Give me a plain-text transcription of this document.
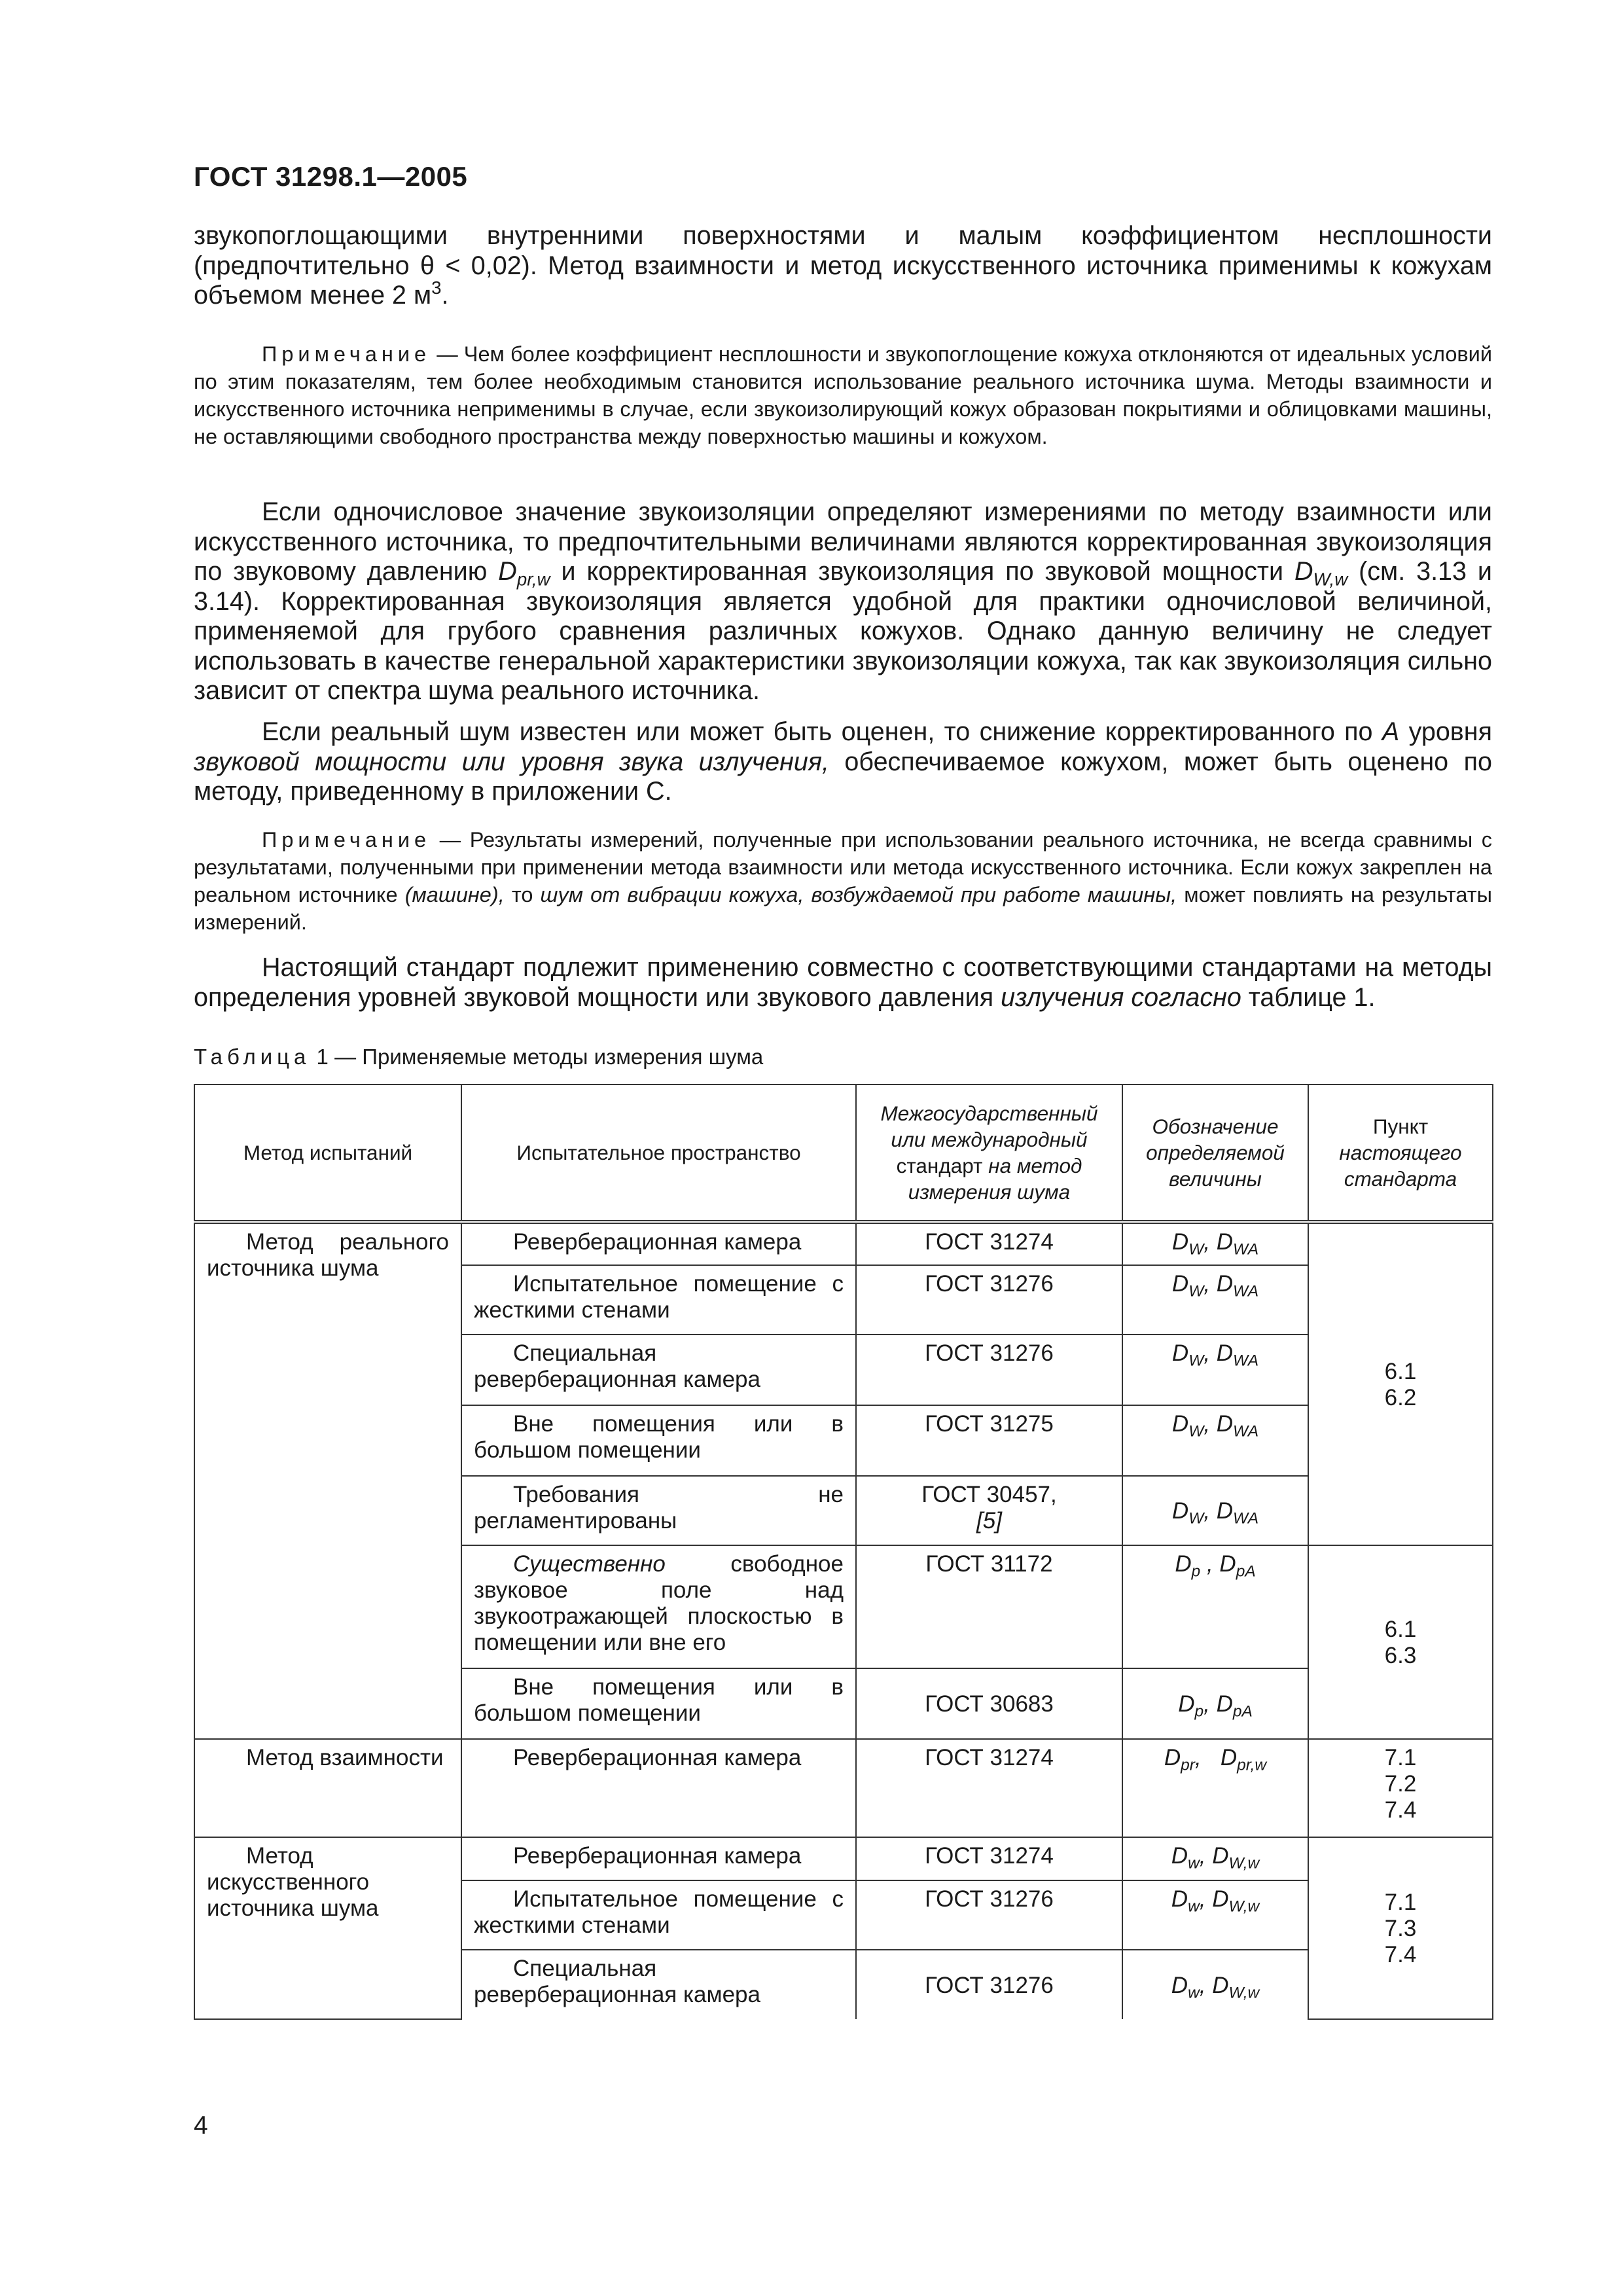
ГОСТ 31298.1—2005

звукопоглощающими внутренними поверхностями и малым коэффициентом несплошности (предпочтительно θ < 0,02). Метод взаимности и метод искусственного источника применимы к кожухам объемом менее 2 $м^3$.

Примечание — Чем более коэффициент несплошности и звукопоглощение кожуха отклоняются от идеальных условий по этим показателям, тем более необходимым становится использование реального источника шума. Методы взаимности и искусственного источника неприменимы в случае, если звукоизолирующий кожух образован покрытиями и облицовками машины, не оставляющими свободного пространства между поверхностью машины и кожухом.

Если одночисловое значение звукоизоляции определяют измерениями по методу взаимности или искусственного источника, то предпочтительными величинами являются корректированная звукоизоляция по звуковому давлению $D_{pr,w}$ и корректированная звукоизоляция по звуковой мощности $D_{W,w}$ (см. 3.13 и 3.14). Корректированная звукоизоляция является удобной для практики одночисловой величиной, применяемой для грубого сравнения различных кожухов. Однако данную величину не следует использовать в качестве генеральной характеристики звукоизоляции кожуха, так как звукоизоляция сильно зависит от спектра шума реального источника.

Если реальный шум известен или может быть оценен, то снижение корректированного по A уровня звуковой мощности или уровня звука излучения, обеспечиваемое кожухом, может быть оценено по методу, приведенному в приложении С.

Примечание — Результаты измерений, полученные при использовании реального источника, не всегда сравнимы с результатами, полученными при применении метода взаимности или метода искусственного источника. Если кожух закреплен на реальном источнике (машине), то шум от вибрации кожуха, возбуждаемой при работе машины, может повлиять на результаты измерений.

Настоящий стандарт подлежит применению совместно с соответствующими стандартами на методы определения уровней звуковой мощности или звукового давления излучения согласно таблице 1.

Таблица 1 — Применяемые методы измерения шума
Метод испытаний	Испытательное пространство	Межгосударственный
или международный
стандарт на метод
измерения шума	Обозначение определяемой величины	Пункт
настоящего стандарта
Метод реального источника шума	Реверберационная камера	ГОСТ 31274	$D_W$, $D_{WA}$	6.1
6.2
	Испытательное помещение с жесткими стенами	ГОСТ 31276	$D_W$, $D_{WA}$
	Специальная реверберационная камера	ГОСТ 31276	$D_W$, $D_{WA}$
	Вне помещения или в большом помещении	ГОСТ 31275	$D_W$, $D_{WA}$
	Требования не регламентированы	ГОСТ 30457,
[5]	$D_W$, $D_{WA}$
	Существенно свободное звуковое поле над звукоотражающей плоскостью в помещении или вне его	ГОСТ 31172	$D_p$ , $D_{pA}$	6.1
6.3
	Вне помещения или в большом помещении	ГОСТ 30683	$D_p$, $D_{pA}$
Метод взаимности	Реверберационная камера	ГОСТ 31274	$D_{pr}$,   $D_{pr,w}$	7.1
7.2
7.4
Метод искусственного источника шума	Реверберационная камера	ГОСТ 31274	$D_w$, $D_{W,w}$	7.1
7.3
7.4
	Испытательное помещение с жесткими стенами	ГОСТ 31276	$D_w$, $D_{W,w}$
	Специальная реверберационная камера	ГОСТ 31276	$D_w$, $D_{W,w}$
4
